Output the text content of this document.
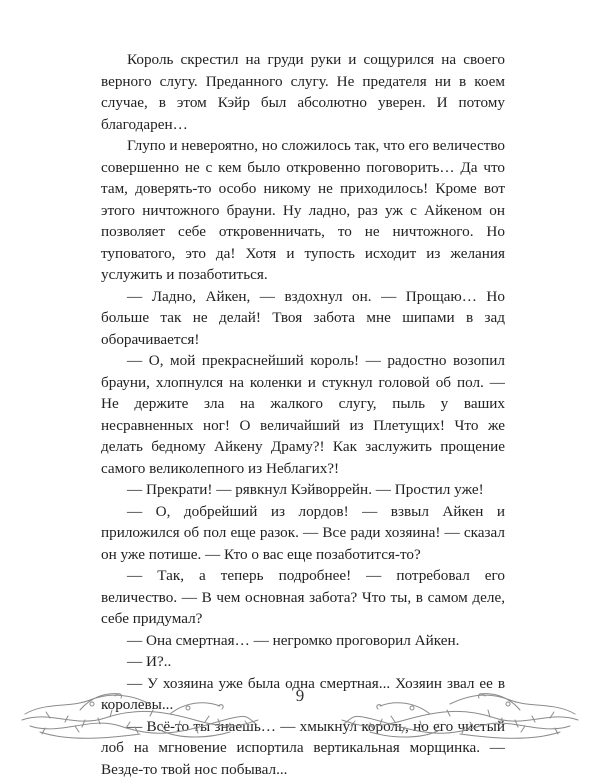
Король скрестил на груди руки и сощурился на своего верного слугу. Преданного слугу. Не предателя ни в коем случае, в этом Кэйр был абсолютно уверен. И потому благодарен…

Глупо и невероятно, но сложилось так, что его величество совершенно не с кем было откровенно поговорить… Да что там, доверять-то особо никому не приходилось! Кроме вот этого ничтожного брауни. Ну ладно, раз уж с Айкеном он позволяет себе откровенничать, то не ничтожного. Но туповатого, это да! Хотя и тупость исходит из желания услужить и позаботиться.

— Ладно, Айкен, — вздохнул он. — Прощаю… Но больше так не делай! Твоя забота мне шипами в зад оборачивается!

— О, мой прекраснейший король! — радостно возопил брауни, хлопнулся на коленки и стукнул головой об пол. — Не держите зла на жалкого слугу, пыль у ваших несравненных ног! О величайший из Плетущих! Что же делать бедному Айкену Драму?! Как заслужить прощение самого великолепного из Неблагих?!

— Прекрати! — рявкнул Кэйворрейн. — Простил уже!

— О, добрейший из лордов! — взвыл Айкен и приложился об пол еще разок. — Все ради хозяина! — сказал он уже потише. — Кто о вас еще позаботится-то?

— Так, а теперь подробнее! — потребовал его величество. — В чем основная забота? Что ты, в самом деле, себе придумал?

— Она смертная… — негромко проговорил Айкен.

— И?..

— У хозяина уже была одна смертная... Хозяин звал ее в королевы...

— Всё-то ты знаешь… — хмыкнул король, но его чистый лоб на мгновение испортила вертикальная морщинка. — Везде-то твой нос побывал...

9
